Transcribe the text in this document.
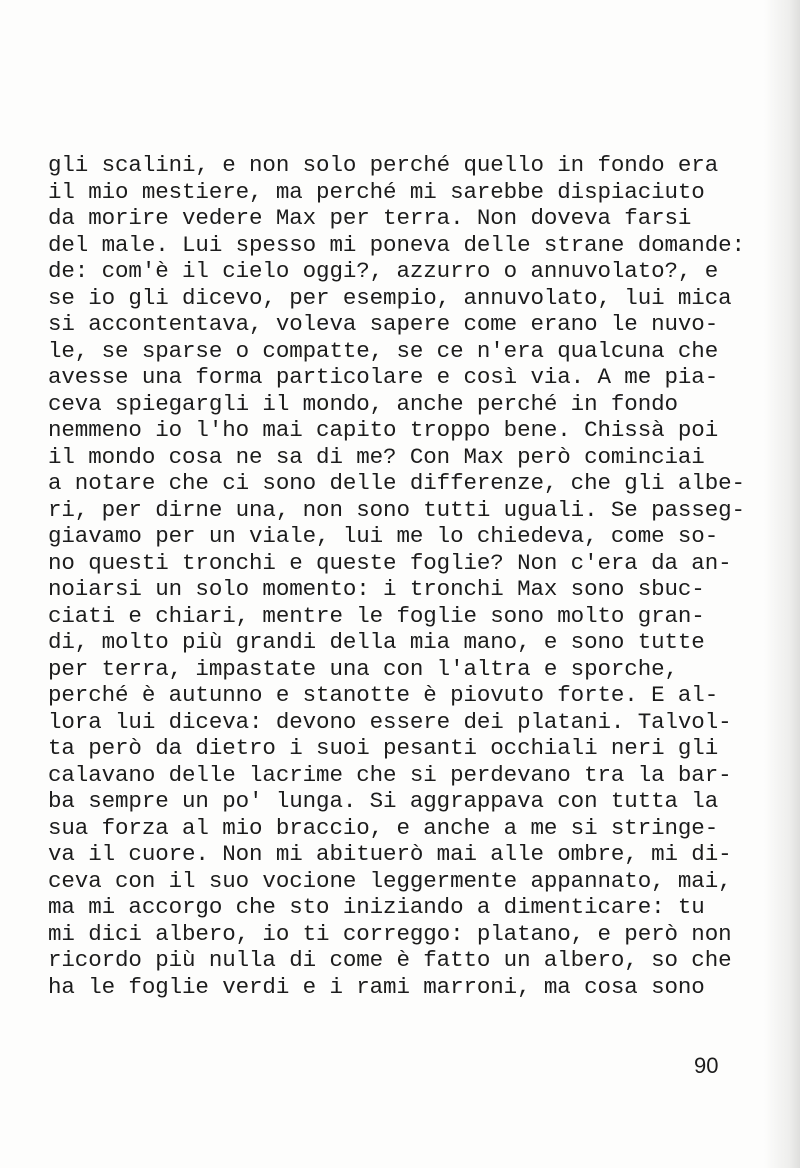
gli scalini, e non solo perché quello in fondo era
il mio mestiere, ma perché mi sarebbe dispiaciuto
da morire vedere Max per terra. Non doveva farsi
del male. Lui spesso mi poneva delle strane domande:
de: com'è il cielo oggi?, azzurro o annuvolato?, e
se io gli dicevo, per esempio, annuvolato, lui mica
si accontentava, voleva sapere come erano le nuvo-
le, se sparse o compatte, se ce n'era qualcuna che
avesse una forma particolare e così via. A me pia-
ceva spiegargli il mondo, anche perché in fondo
nemmeno io l'ho mai capito troppo bene. Chissà poi
il mondo cosa ne sa di me? Con Max però cominciai
a notare che ci sono delle differenze, che gli albe-
ri, per dirne una, non sono tutti uguali. Se passeg-
giavamo per un viale, lui me lo chiedeva, come so-
no questi tronchi e queste foglie? Non c'era da an-
noiarsi un solo momento: i tronchi Max sono sbuc-
ciati e chiari, mentre le foglie sono molto gran-
di, molto più grandi della mia mano, e sono tutte
per terra, impastate una con l'altra e sporche,
perché è autunno e stanotte è piovuto forte. E al-
lora lui diceva: devono essere dei platani. Talvol-
ta però da dietro i suoi pesanti occhiali neri gli
calavano delle lacrime che si perdevano tra la bar-
ba sempre un po' lunga. Si aggrappava con tutta la
sua forza al mio braccio, e anche a me si stringe-
va il cuore. Non mi abituerò mai alle ombre, mi di-
ceva con il suo vocione leggermente appannato, mai,
ma mi accorgo che sto iniziando a dimenticare: tu
mi dici albero, io ti correggo: platano, e però non
ricordo più nulla di come è fatto un albero, so che
ha le foglie verdi e i rami marroni, ma cosa sono
90
